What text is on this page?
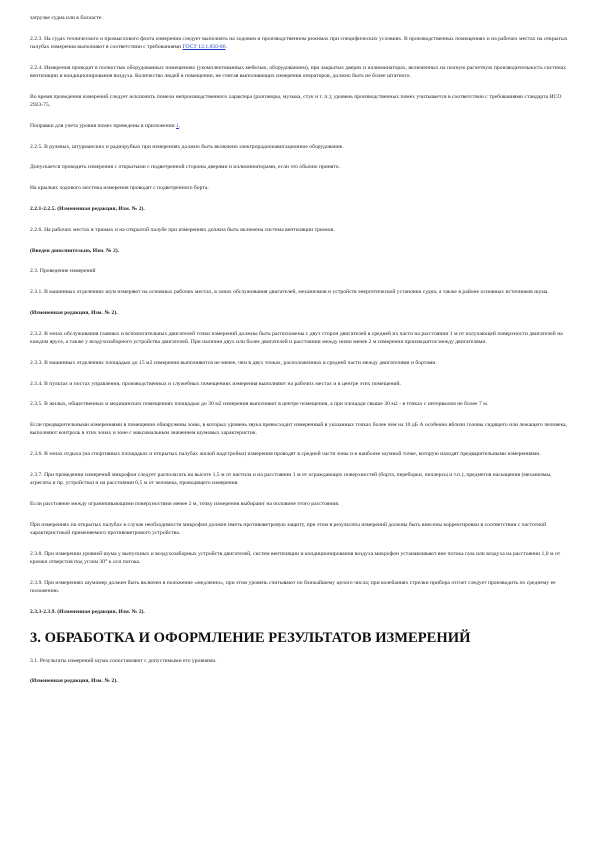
загрузке судна или в балласте.

2.2.3. На судах технического и промыслового флота измерения следует выполнять на ходовом и производственном режимах при специфических условиях. В производственных помещениях и на рабочих местах на открытых палубах измерения выполняют в соответствии с требованиями ГОСТ 12.1.050-86.

2.2.4. Измерения проводят в полностью оборудованных помещениях (укомплектованных мебелью, оборудованием), при закрытых дверях и иллюминаторах, включенных на полную расчетную производительность системах вентиляции и кондиционирования воздуха. Количество людей в помещении, не считая выполняющих измерения операторов, должно быть не более штатного.

Во время проведения измерений следует исключить помехи непроизводственного характера (разговоры, музыка, стук и т. п.); уровень производственных помех учитывается в соответствии с требованиями стандарта ИСО 2923-75.

Поправки для учета уровня помех приведены в приложении 1.

2.2.5. В рулевых, штурманских и радиорубках при измерениях должно быть включено электрорадионавигационное оборудование.

Допускается проводить измерения с открытыми с подветренной стороны дверями и иллюминаторами, если это обычно принято.

На крыльях ходового мостика измерения проводят с подветренного борта.

2.2.1-2.2.5. (Измененная редакция, Изм. № 2).

2.2.6. На рабочих местах в трюмах и на открытой палубе при измерениях должна быть включена система вентиляции трюмов.

(Введен дополнительно, Изм. № 2).

2.3. Проведение измерений

2.3.1. В машинных отделениях шум измеряют на основных рабочих местах, в зонах обслуживания двигателей, механизмов и устройств энергетической установки судна, а также в районе основных источников шума.

(Измененная редакция, Изм. № 2).

2.3.2. В зонах обслуживания главных и вспомогательных двигателей точки измерений должны быть расположены с двух сторон двигателей в средней их части на расстоянии 1 м от излучающей поверхности двигателей на каждом ярусе, а также у воздухозаборного устройства двигателей. При наличии двух или более двигателей и расстоянии между ними менее 2 м измерения производятся между двигателями.

2.3.3. В машинных отделениях площадью до 15 м2 измерения выполняются не менее, чем в двух точках, расположенных в средней части между двигателями и бортами.

2.3.4. В пультах и постах управления, производственных и служебных помещениях измерения выполняют на рабочих местах и в центре этих помещений.

2.3.5. В жилых, общественных и медицинских помещениях площадью до 30 м2 измерения выполняют в центре помещения, а при площади свыше 30 м2 - в точках с интервалом не более 7 м.

Если предварительными измерениями в помещении обнаружены зоны, в которых уровень звука превосходит измеренный в указанных точках более чем на 10 дБ А особенно вблизи головы сидящего или лежащего человека, выполняют контроль в этих зонах и зоне с максимальным значением шумовых характеристик.

2.3.6. В зонах отдыха (на спортивных площадках и открытых палубах жилой надстройки) измерения проводят в средней части зоны и в наиболее шумной точке, которую находят предварительными измерениями.

2.3.7. При проведении измерений микрофон следует располагать на высоте 1,5 м от настила и на расстоянии 1 м от ограждающих поверхностей (борта, переборки, пиллерсы и т.п.), предметов насыщения (механизмы, агрегаты и пр. устройства) и на расстоянии 0,5 м от человека, проводящего измерения.

Если расстояние между ограничивающими поверхностями менее 2 м, точку измерения выбирают на половине этого расстояния.

При измерениях на открытых палубах в случае необходимости микрофон должен иметь противоветровую защиту, при этом в результаты измерений должны быть внесены корректировки в соответствии с частотной характеристикой применяемого противоветрового устройства.

2.3.8. При измерении уровней шума у выпускных и воздухозаборных устройств двигателей, систем вентиляции и кондиционирования воздуха микрофон устанавливают вне потока газа или воздуха на расстоянии 1,0 м от кромки отверстия под углом 30° к оси потока.

2.3.9. При измерениях шумомер должен быть включен в положение «медленно», при этом уровень считывают по ближайшему целого числа; при колебаниях стрелки прибора отсчет следует производить по среднему ее положению.

2.3.3-2.3.9. (Измененная редакция, Изм. № 2).

3. ОБРАБОТКА И ОФОРМЛЕНИЕ РЕЗУЛЬТАТОВ ИЗМЕРЕНИЙ

3.1. Результаты измерений шума сопоставляют с допустимыми его уровнями.

(Измененная редакция, Изм. № 2).
